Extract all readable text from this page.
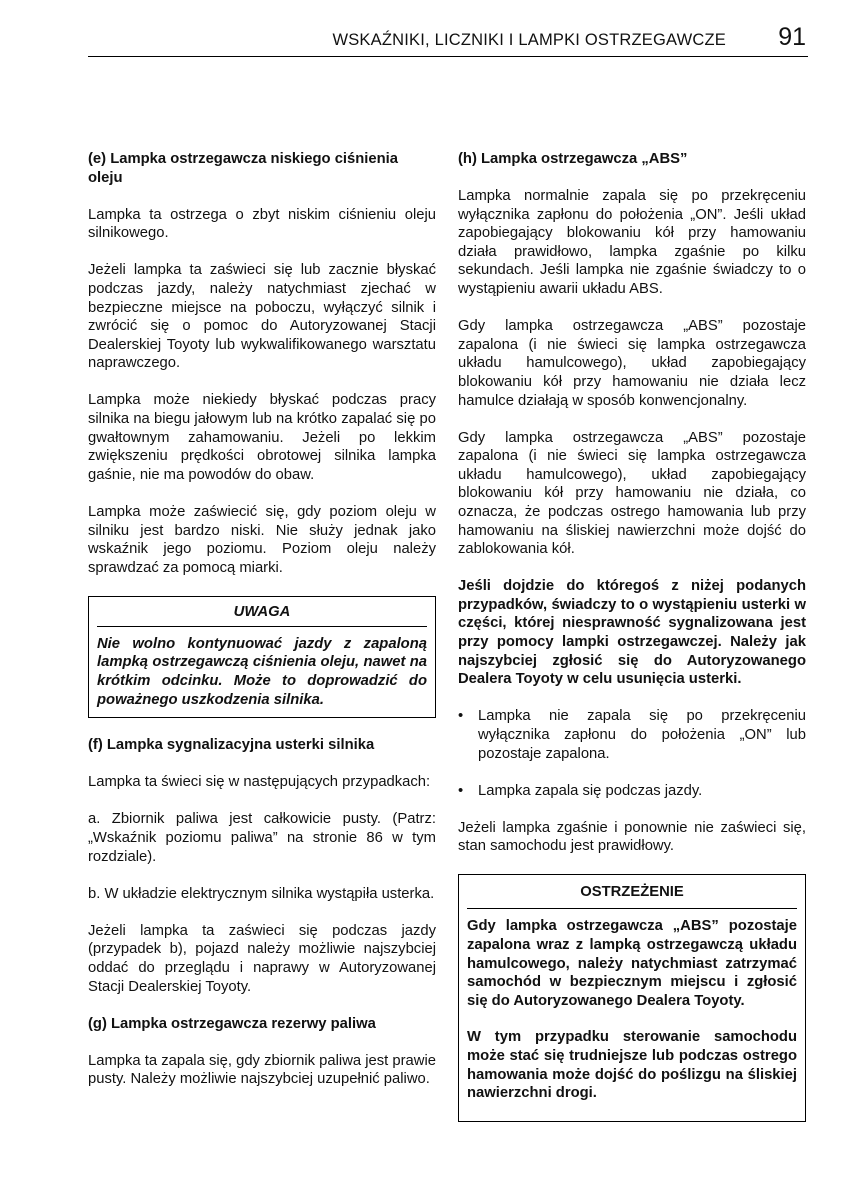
WSKAŹNIKI, LICZNIKI I LAMPKI OSTRZEGAWCZE 91
(e) Lampka ostrzegawcza niskiego ciśnienia oleju

Lampka ta ostrzega o zbyt niskim ciśnieniu oleju silnikowego.

Jeżeli lampka ta zaświeci się lub zacznie błyskać podczas jazdy, należy natychmiast zjechać w bezpieczne miejsce na poboczu, wyłączyć silnik i zwrócić się o pomoc do Autoryzowanej Stacji Dealerskiej Toyoty lub wykwalifikowanego warsztatu naprawczego.

Lampka może niekiedy błyskać podczas pracy silnika na biegu jałowym lub na krótko zapalać się po gwałtownym zahamowaniu. Jeżeli po lekkim zwiększeniu prędkości obrotowej silnika lampka gaśnie, nie ma powodów do obaw.

Lampka może zaświecić się, gdy poziom oleju w silniku jest bardzo niski. Nie służy jednak jako wskaźnik jego poziomu. Poziom oleju należy sprawdzać za pomocą miarki.

UWAGA
Nie wolno kontynuować jazdy z zapaloną lampką ostrzegawczą ciśnienia oleju, nawet na krótkim odcinku. Może to doprowadzić do poważnego uszkodzenia silnika.
(f) Lampka sygnalizacyjna usterki silnika

Lampka ta świeci się w następujących przypadkach:

a. Zbiornik paliwa jest całkowicie pusty. (Patrz: „Wskaźnik poziomu paliwa” na stronie 86 w tym rozdziale).

b. W układzie elektrycznym silnika wystąpiła usterka.

Jeżeli lampka ta zaświeci się podczas jazdy (przypadek b), pojazd należy możliwie najszybciej oddać do przeglądu i naprawy w Autoryzowanej Stacji Dealerskiej Toyoty.

(g) Lampka ostrzegawcza rezerwy paliwa

Lampka ta zapala się, gdy zbiornik paliwa jest prawie pusty. Należy możliwie najszybciej uzupełnić paliwo.

(h) Lampka ostrzegawcza „ABS”

Lampka normalnie zapala się po przekręceniu wyłącznika zapłonu do położenia „ON”. Jeśli układ zapobiegający blokowaniu kół przy hamowaniu działa prawidłowo, lampka zgaśnie po kilku sekundach. Jeśli lampka nie zgaśnie świadczy to o wystąpieniu awarii układu ABS.

Gdy lampka ostrzegawcza „ABS” pozostaje zapalona (i nie świeci się lampka ostrzegawcza układu hamulcowego), układ zapobiegający blokowaniu kół przy hamowaniu nie działa lecz hamulce działają w sposób konwencjonalny.

Gdy lampka ostrzegawcza „ABS” pozostaje zapalona (i nie świeci się lampka ostrzegawcza układu hamulcowego), układ zapobiegający blokowaniu kół przy hamowaniu nie działa, co oznacza, że podczas ostrego hamowania lub przy hamowaniu na śliskiej nawierzchni może dojść do zablokowania kół.

Jeśli dojdzie do któregoś z niżej podanych przypadków, świadczy to o wystąpieniu usterki w części, której niesprawność sygnalizowana jest przy pomocy lampki ostrzegawczej. Należy jak najszybciej zgłosić się do Autoryzowanego Dealera Toyoty w celu usunięcia usterki.

• Lampka nie zapala się po przekręceniu wyłącznika zapłonu do położenia „ON” lub pozostaje zapalona.
• Lampka zapala się podczas jazdy.

Jeżeli lampka zgaśnie i ponownie nie zaświeci się, stan samochodu jest prawidłowy.

OSTRZEŻENIE

Gdy lampka ostrzegawcza „ABS” pozostaje zapalona wraz z lampką ostrzegawczą układu hamulcowego, należy natychmiast zatrzymać samochód w bezpiecznym miejscu i zgłosić się do Autoryzowanego Dealera Toyoty.

W tym przypadku sterowanie samochodu może stać się trudniejsze lub podczas ostrego hamowania może dojść do poślizgu na śliskiej nawierzchni drogi.
